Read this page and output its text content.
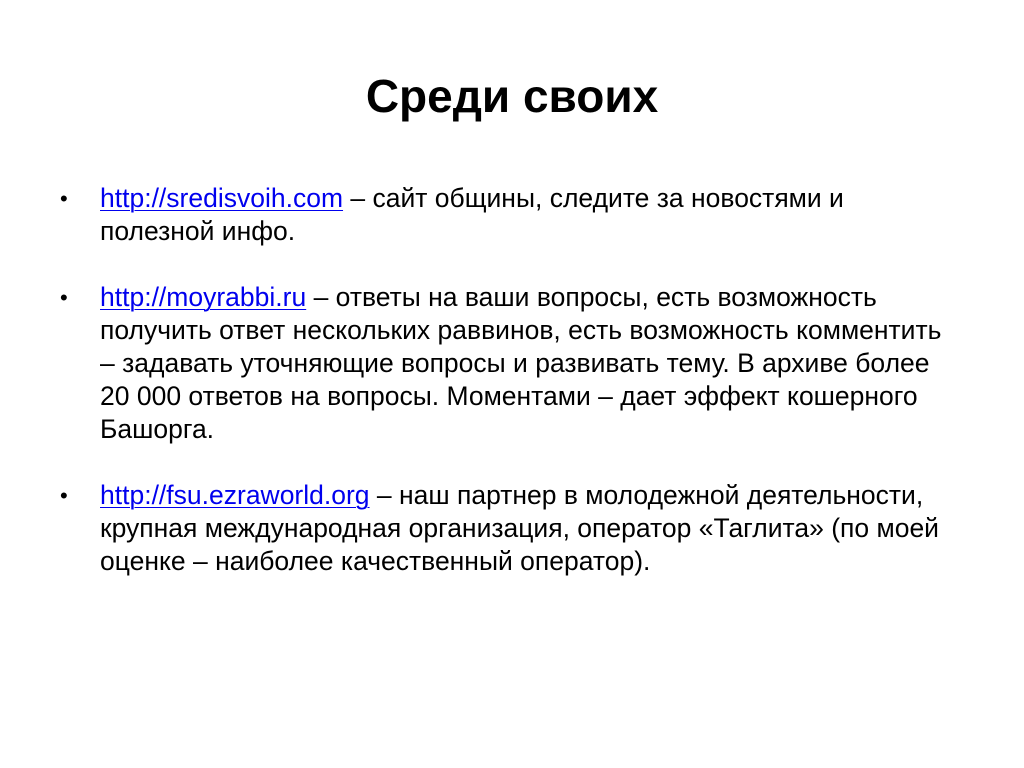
Среди своих
• http://sredisvoih.com – сайт общины, следите за новостями и полезной инфо.
• http://moyrabbi.ru – ответы на ваши вопросы, есть возможность получить ответ нескольких раввинов, есть возможность комментить – задавать уточняющие вопросы и развивать тему. В архиве более 20 000 ответов на вопросы. Моментами – дает эффект кошерного Башорга.
• http://fsu.ezraworld.org – наш партнер в молодежной деятельности, крупная международная организация, оператор «Таглита» (по моей оценке – наиболее качественный оператор).
